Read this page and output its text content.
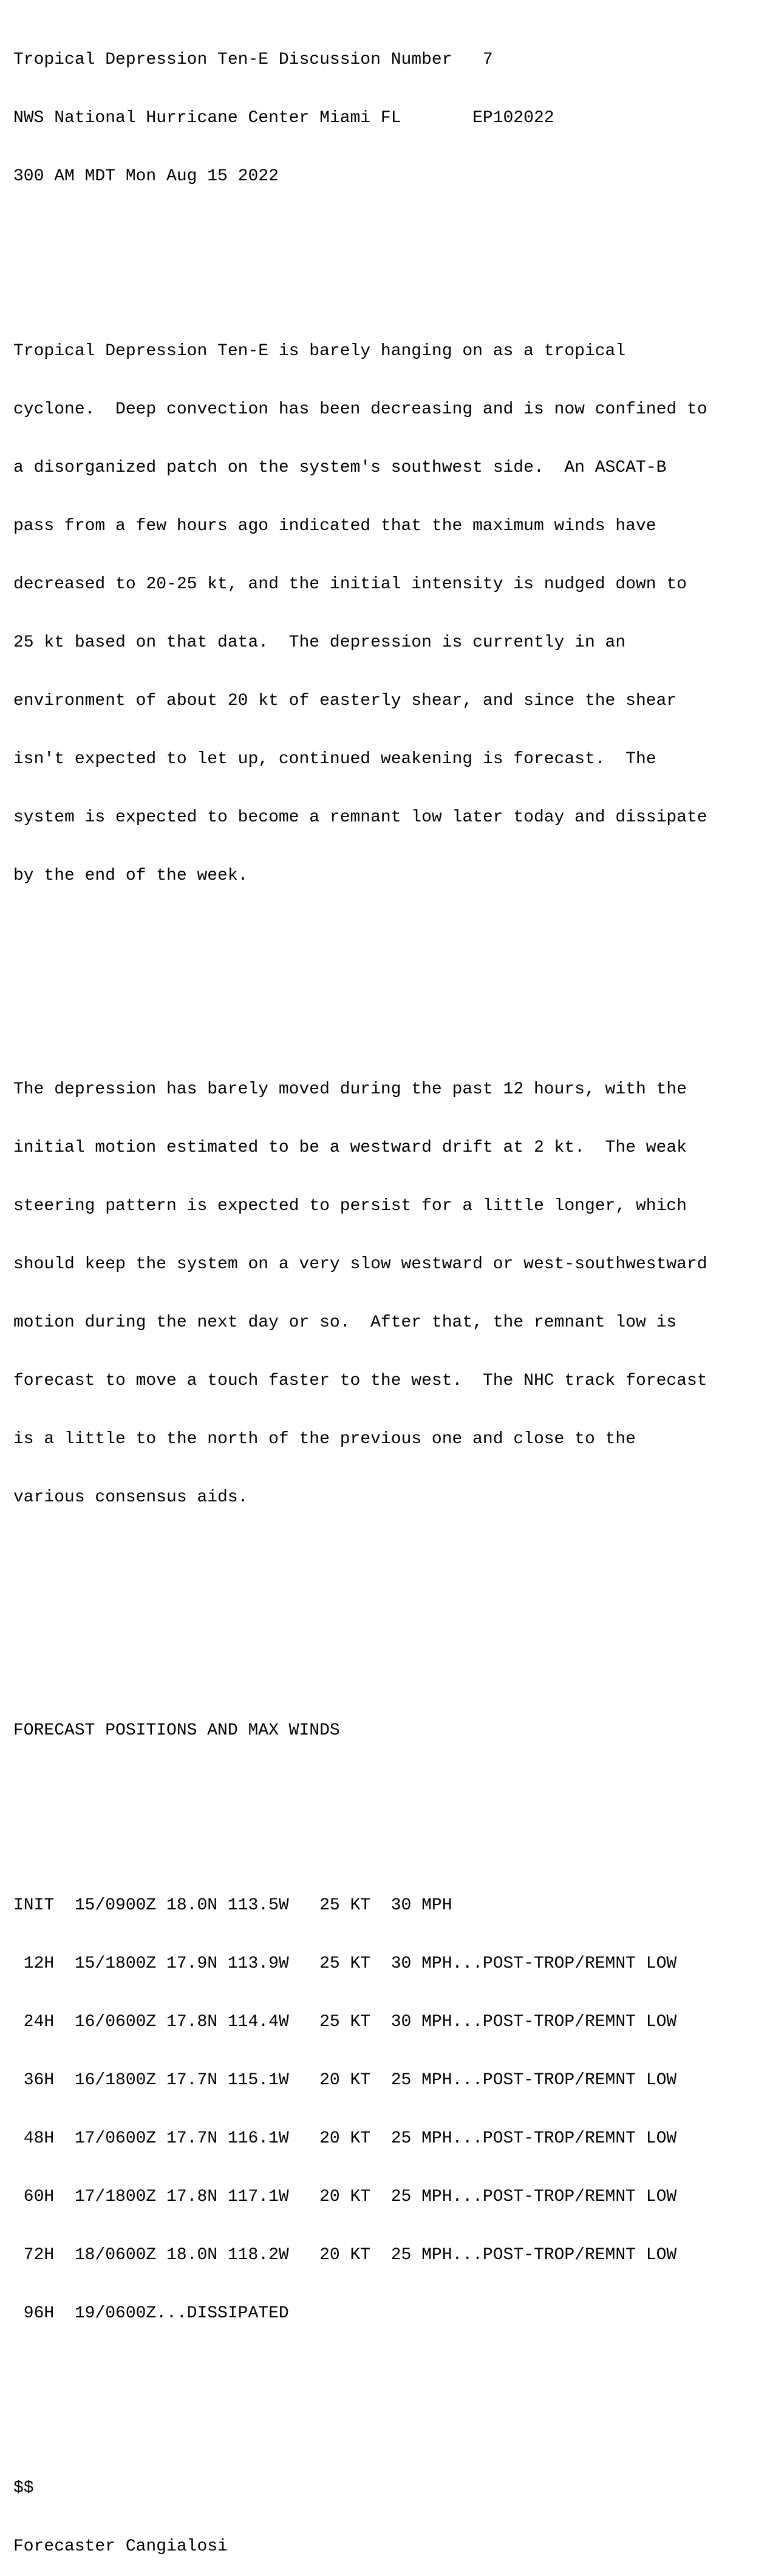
Tropical Depression Ten-E Discussion Number   7

NWS National Hurricane Center Miami FL       EP102022

300 AM MDT Mon Aug 15 2022

Tropical Depression Ten-E is barely hanging on as a tropical

cyclone.  Deep convection has been decreasing and is now confined to

a disorganized patch on the system's southwest side.  An ASCAT-B

pass from a few hours ago indicated that the maximum winds have

decreased to 20-25 kt, and the initial intensity is nudged down to

25 kt based on that data.  The depression is currently in an

environment of about 20 kt of easterly shear, and since the shear

isn't expected to let up, continued weakening is forecast.  The

system is expected to become a remnant low later today and dissipate

by the end of the week.

The depression has barely moved during the past 12 hours, with the

initial motion estimated to be a westward drift at 2 kt.  The weak

steering pattern is expected to persist for a little longer, which

should keep the system on a very slow westward or west-southwestward

motion during the next day or so.  After that, the remnant low is

forecast to move a touch faster to the west.  The NHC track forecast

is a little to the north of the previous one and close to the

various consensus aids.

FORECAST POSITIONS AND MAX WINDS

INIT  15/0900Z 18.0N 113.5W   25 KT  30 MPH

12H  15/1800Z 17.9N 113.9W   25 KT  30 MPH...POST-TROP/REMNT LOW

24H  16/0600Z 17.8N 114.4W   25 KT  30 MPH...POST-TROP/REMNT LOW

36H  16/1800Z 17.7N 115.1W   20 KT  25 MPH...POST-TROP/REMNT LOW

48H  17/0600Z 17.7N 116.1W   20 KT  25 MPH...POST-TROP/REMNT LOW

60H  17/1800Z 17.8N 117.1W   20 KT  25 MPH...POST-TROP/REMNT LOW

72H  18/0600Z 18.0N 118.2W   20 KT  25 MPH...POST-TROP/REMNT LOW

96H  19/0600Z...DISSIPATED

$$

Forecaster Cangialosi
